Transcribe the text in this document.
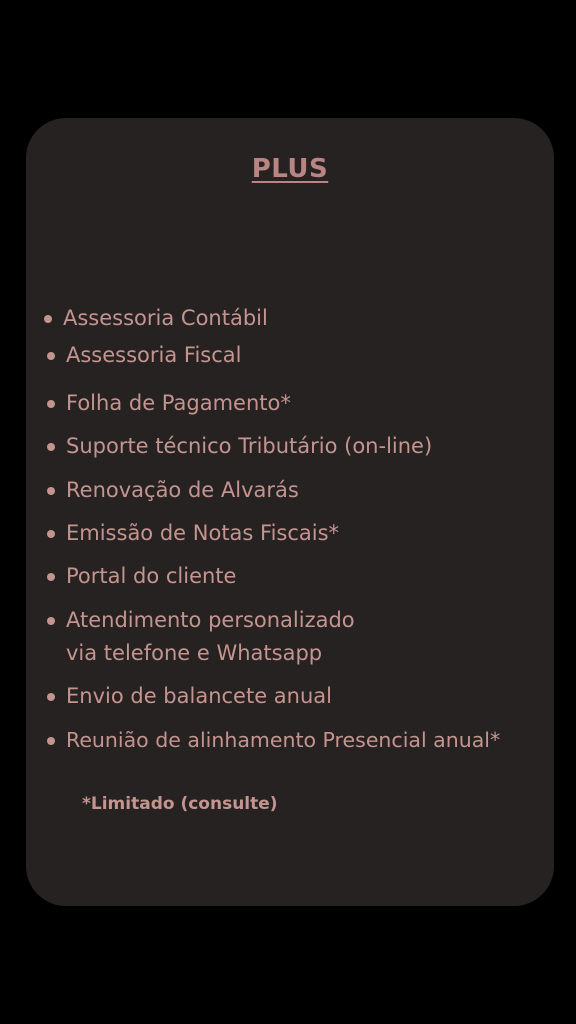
PLUS
Assessoria Contábil
Assessoria Fiscal
Folha de Pagamento*
Suporte técnico Tributário (on-line)
Renovação de Alvarás
Emissão de Notas Fiscais*
Portal do cliente
Atendimento personalizado
via telefone e Whatsapp
Envio de balancete anual
Reunião de alinhamento Presencial anual*
*Limitado (consulte)
